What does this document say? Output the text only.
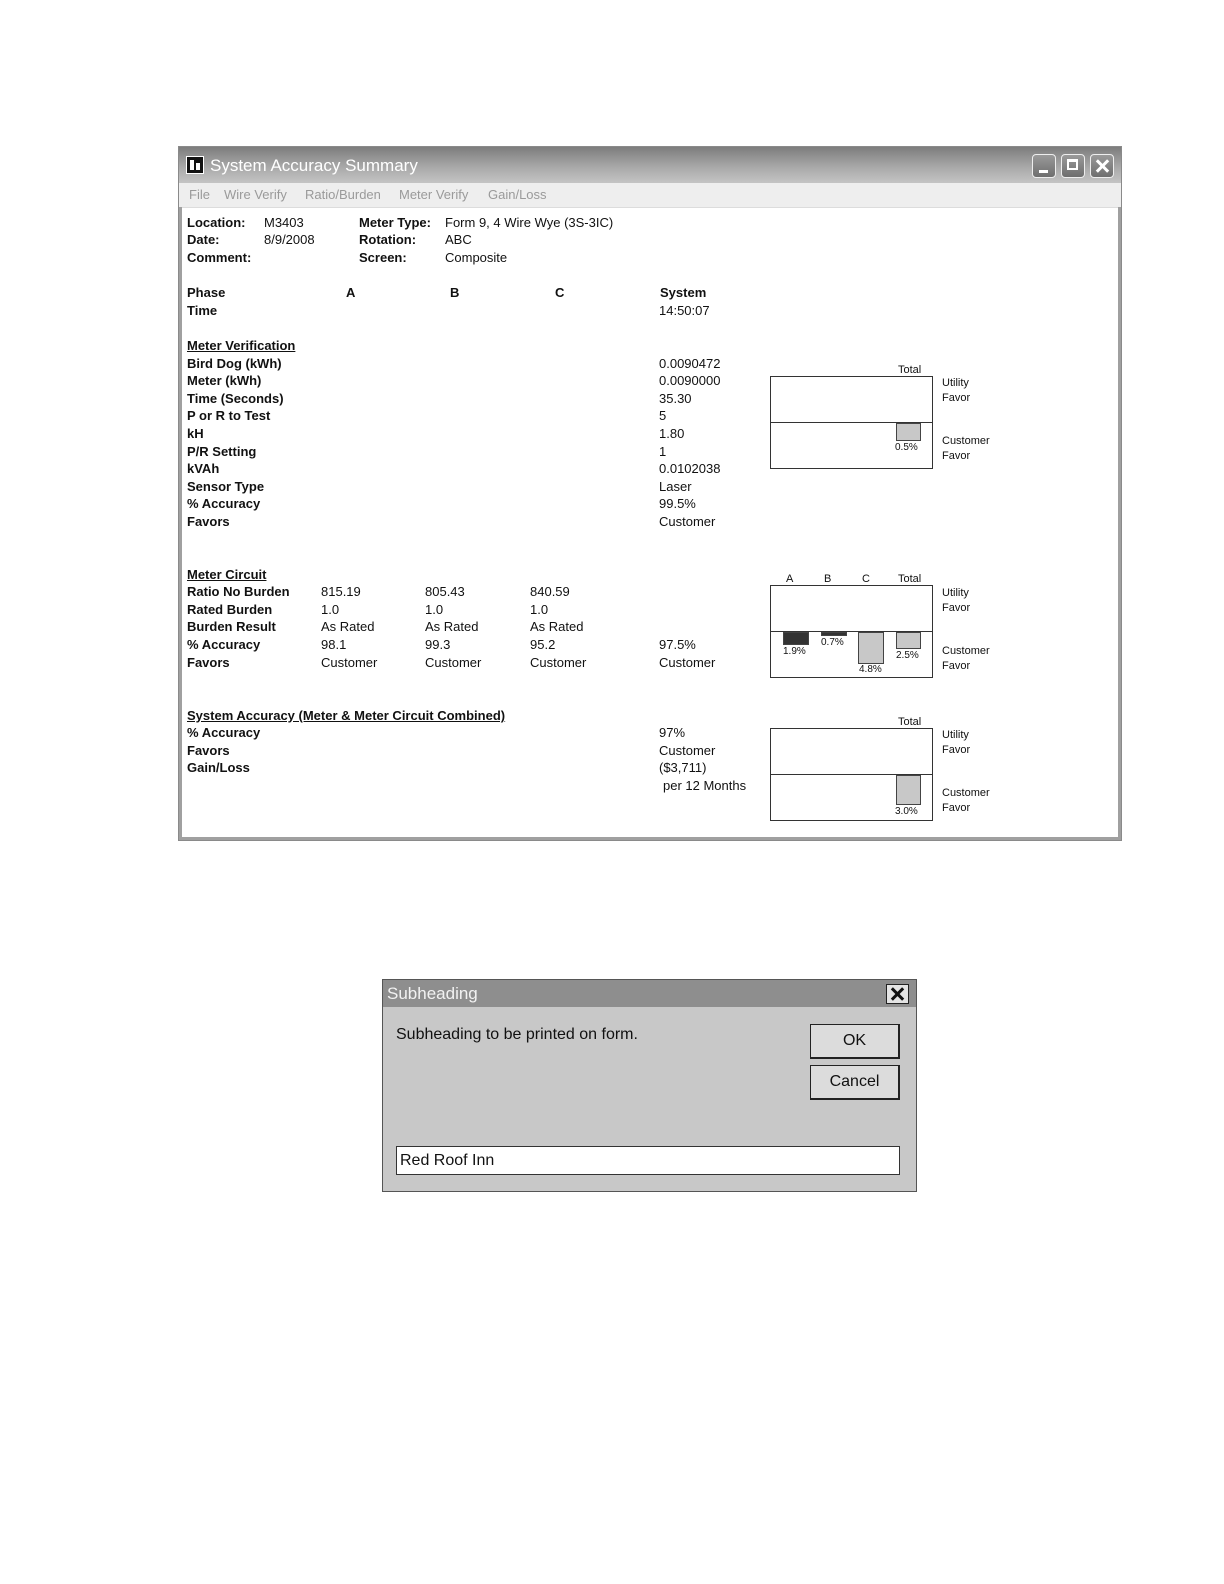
System Accuracy Summary
File Wire Verify Ratio/Burden Meter Verify Gain/Loss
Location: M3403
Date:	8/9/2008
Comment:
Meter Type: Form 9, 4 Wire Wye (3S-3IC)
Rotation: ABC
Screen:	Composite
Phase	A	B	C	System
Time	14:50:07
Meter Verification
Bird Dog (kWh)	0.0090472
Meter (kWh)	0.0090000
Time (Seconds)	35.30
P or R to Test	5
kH	1.80
P/R Setting	1
kVAh	0.0102038
Sensor Type	Laser
% Accuracy	99.5%
Favors	Customer
Total
0.5%
Utility
Favor
Customer
Favor
Meter Circuit
Ratio No Burden 815.19	805.43	840.59
Rated Burden	1.0	1.0	1.0
Burden Result	As Rated	As Rated	As Rated
% Accuracy	98.1	99.3	95.2	97.5%
Favors	Customer	Customer	Customer	Customer
A	B	C	Total
1.9%
0.7%
4.8%
2.5%
Utility
Favor
Customer
Favor
System Accuracy (Meter & Meter Circuit Combined)
% Accuracy	97%
Favors	Customer
Gain/Loss	($3,711)
per 12 Months
Total
3.0%
Utility
Favor
Customer
Favor
Subheading
Subheading to be printed on form.	OK
Cancel
Red Roof Inn
